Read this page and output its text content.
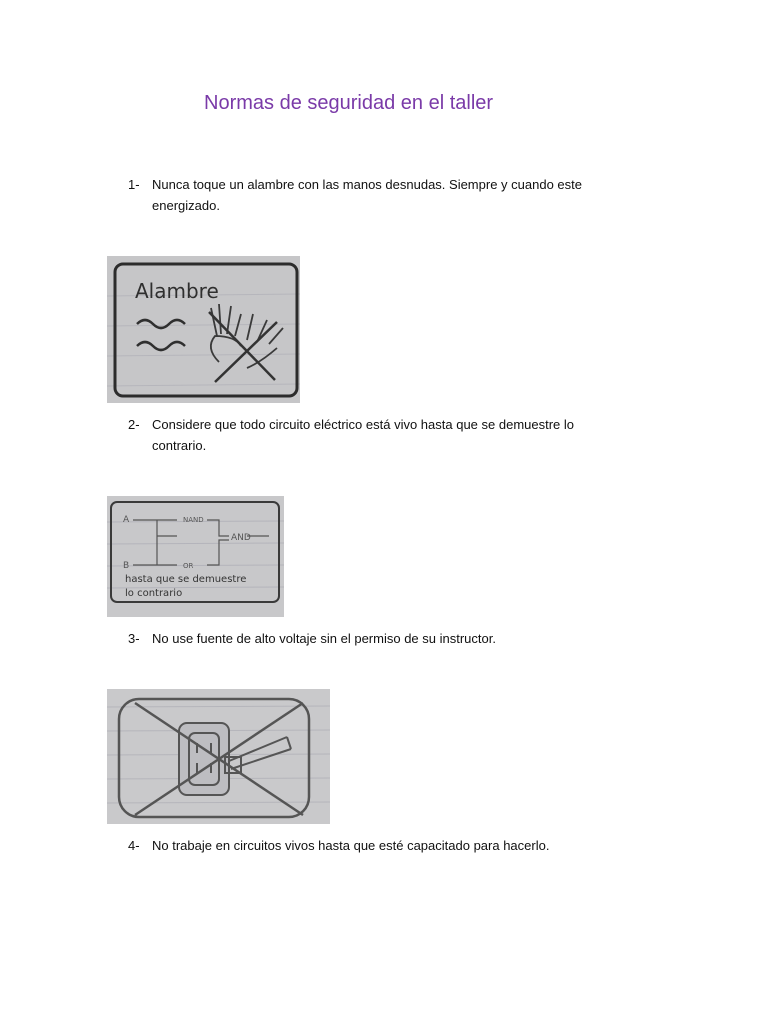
Normas de seguridad en el taller
1- Nunca toque un alambre con las manos desnudas. Siempre y cuando este energizado.
Alambre
2- Considere que todo circuito eléctrico está vivo hasta que se demuestre lo contrario.
A
B
NAND
AND
OR
hasta que se demuestre
lo contrario
3- No use fuente de alto voltaje sin el permiso de su instructor.
4- No trabaje en circuitos vivos hasta que esté capacitado para hacerlo.
